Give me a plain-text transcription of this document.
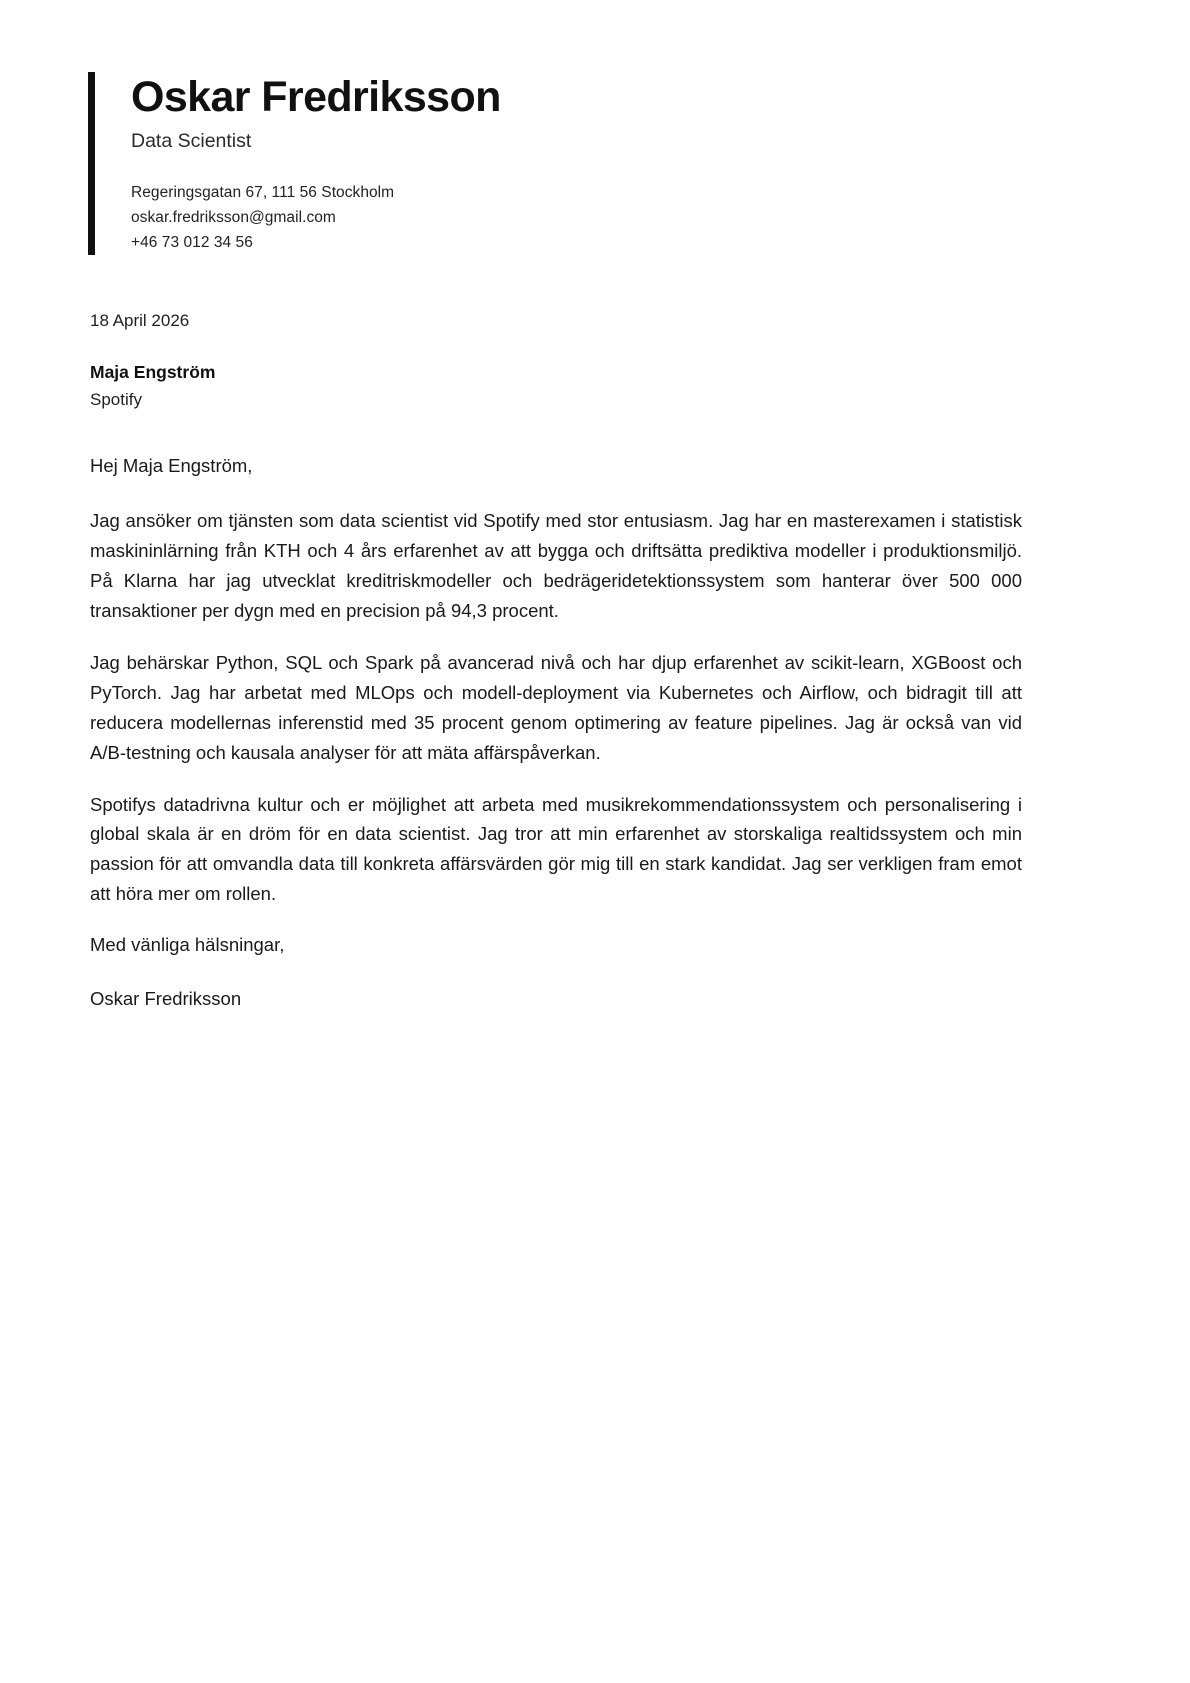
Oskar Fredriksson
Data Scientist
Regeringsgatan 67, 111 56 Stockholm
oskar.fredriksson@gmail.com
+46 73 012 34 56
18 April 2026
Maja Engström
Spotify
Hej Maja Engström,

Jag ansöker om tjänsten som data scientist vid Spotify med stor entusiasm. Jag har en masterexamen i statistisk maskininlärning från KTH och 4 års erfarenhet av att bygga och driftsätta prediktiva modeller i produktionsmiljö. På Klarna har jag utvecklat kreditriskmodeller och bedrägeridetektionssystem som hanterar över 500 000 transaktioner per dygn med en precision på 94,3 procent.

Jag behärskar Python, SQL och Spark på avancerad nivå och har djup erfarenhet av scikit-learn, XGBoost och PyTorch. Jag har arbetat med MLOps och modell-deployment via Kubernetes och Airflow, och bidragit till att reducera modellernas inferenstid med 35 procent genom optimering av feature pipelines. Jag är också van vid A/B-testning och kausala analyser för att mäta affärspåverkan.

Spotifys datadrivna kultur och er möjlighet att arbeta med musikrekommendationssystem och personalisering i global skala är en dröm för en data scientist. Jag tror att min erfarenhet av storskaliga realtidssystem och min passion för att omvandla data till konkreta affärsvärden gör mig till en stark kandidat. Jag ser verkligen fram emot att höra mer om rollen.

Med vänliga hälsningar,
Oskar Fredriksson
